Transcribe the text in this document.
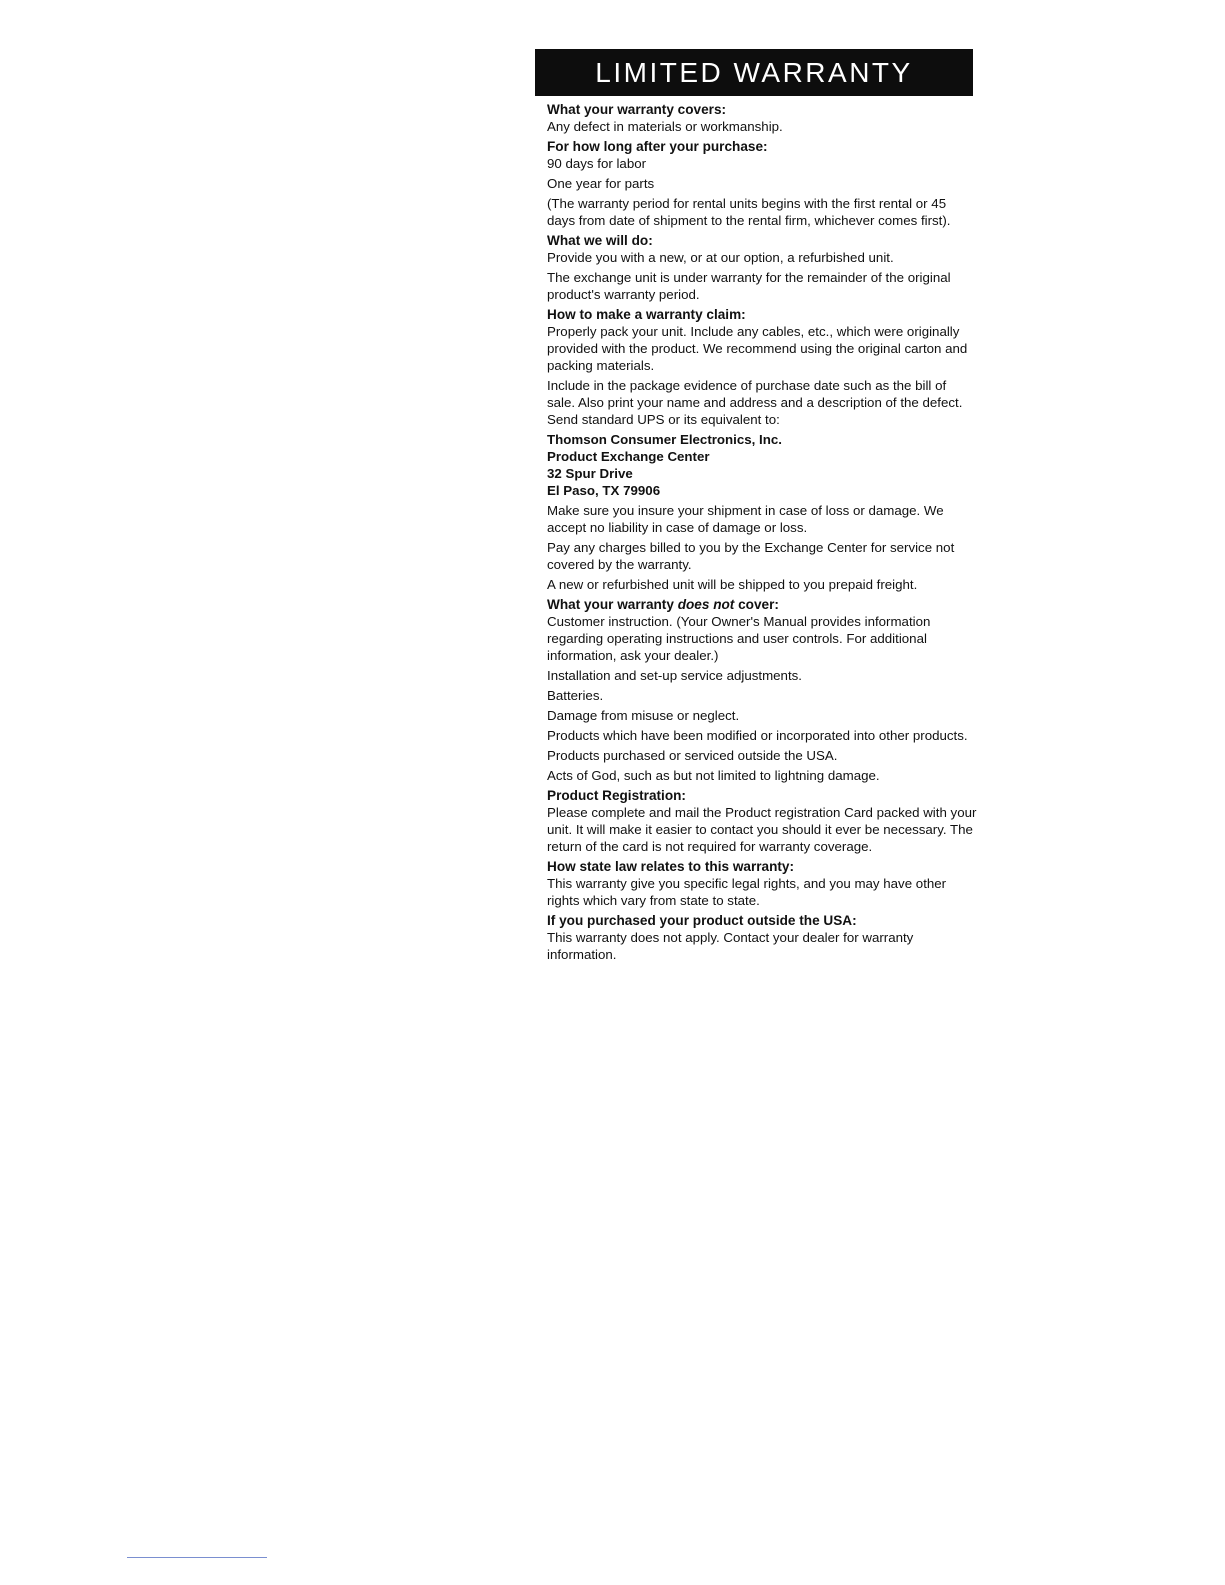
LIMITED WARRANTY
What your warranty covers:
Any defect in materials or workmanship.
For how long after your purchase:
90 days for labor
One year for parts
(The warranty period for rental units begins with the first rental or 45 days from date of shipment to the rental firm, whichever comes first).
What we will do:
Provide you with a new, or at our option, a refurbished unit.
The exchange unit is under warranty for the remainder of the original product's warranty period.
How to make a warranty claim:
Properly pack your unit. Include any cables, etc., which were originally provided with the product. We recommend using the original carton and packing materials.
Include in the package evidence of purchase date such as the bill of sale. Also print your name and address and a description of the defect. Send standard UPS or its equivalent to:
Thomson Consumer Electronics, Inc.
Product Exchange Center
32 Spur Drive
El Paso, TX 79906
Make sure you insure your shipment in case of loss or damage. We accept no liability in case of damage or loss.
Pay any charges billed to you by the Exchange Center for service not covered by the warranty.
A new or refurbished unit will be shipped to you prepaid freight.
What your warranty does not cover:
Customer instruction. (Your Owner's Manual provides information regarding operating instructions and user controls. For additional information, ask your dealer.)
Installation and set-up service adjustments.
Batteries.
Damage from misuse or neglect.
Products which have been modified or incorporated into other products.
Products purchased or serviced outside the USA.
Acts of God, such as but not limited to lightning damage.
Product Registration:
Please complete and mail the Product registration Card packed with your unit. It will make it easier to contact you should it ever be necessary. The return of the card is not required for warranty coverage.
How state law relates to this warranty:
This warranty give you specific legal rights, and you may have other rights which vary from state to state.
If you purchased your product outside the USA:
This warranty does not apply. Contact your dealer for warranty information.
